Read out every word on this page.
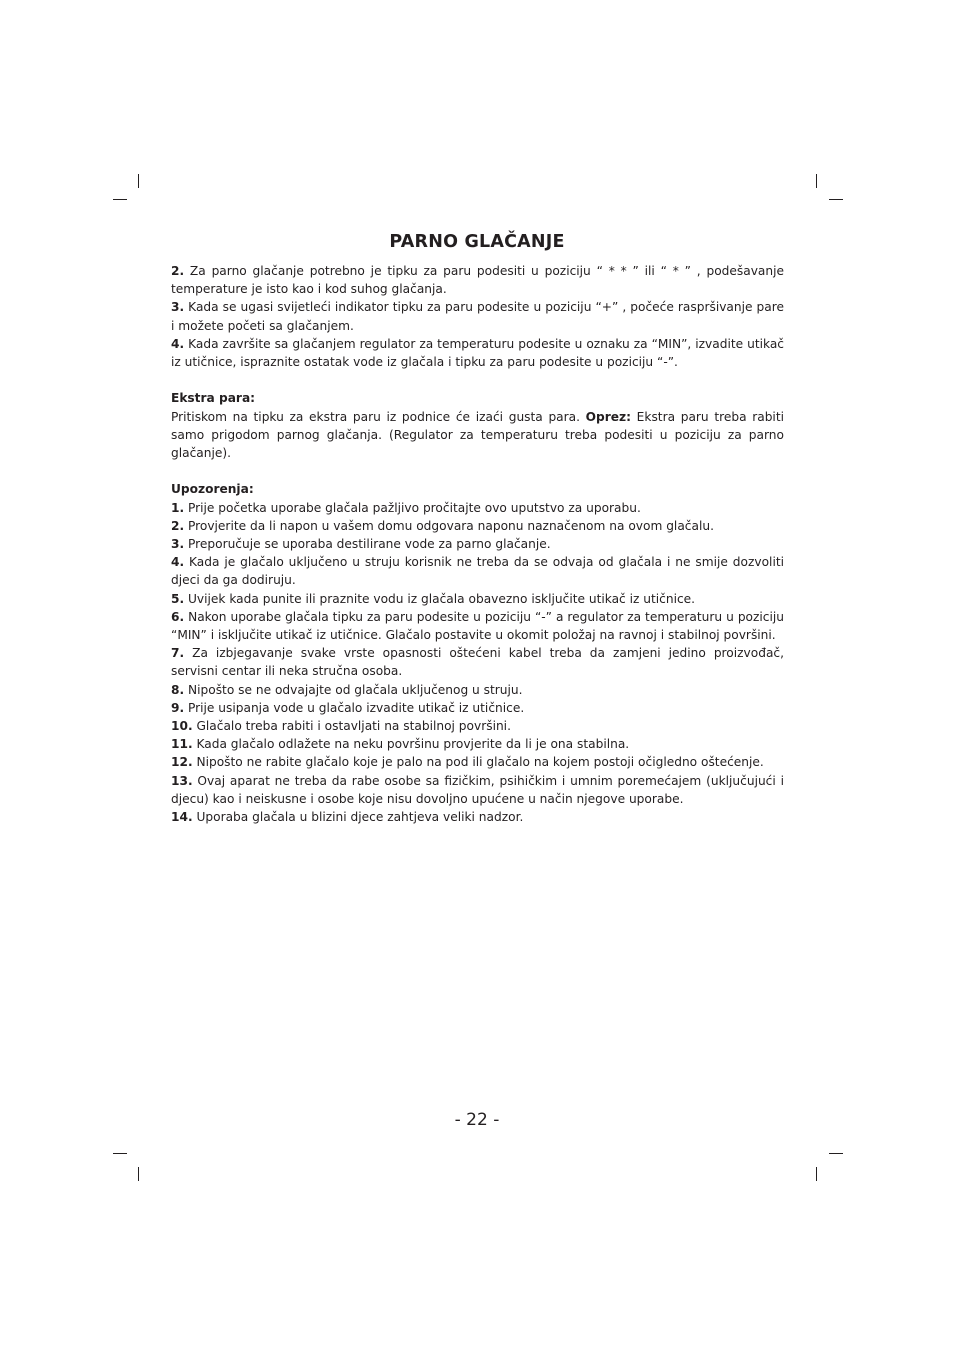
PARNO GLAČANJE

2. Za parno glačanje potrebno je tipku za paru podesiti u poziciju “ * * ” ili “ * ” , podešavanje temperature je isto kao i kod suhog glačanja.

3. Kada se ugasi svijetleći indikator tipku za paru podesite u poziciju “+” , počeće raspršivanje pare i možete početi sa glačanjem.

4. Kada završite sa glačanjem regulator za temperaturu podesite u oznaku za “MIN”, izvadite utikač iz utičnice, ispraznite ostatak vode iz glačala i tipku za paru podesite u poziciju “-”.

Ekstra para:

Pritiskom na tipku za ekstra paru iz podnice će izaći gusta para. Oprez: Ekstra paru treba rabiti samo prigodom parnog glačanja. (Regulator za temperaturu treba podesiti u poziciju za parno glačanje).

Upozorenja:

1. Prije početka uporabe glačala pažljivo pročitajte ovo uputstvo za uporabu.

2. Provjerite da li napon u vašem domu odgovara naponu naznačenom na ovom glačalu.

3. Preporučuje se uporaba destilirane vode za parno glačanje.

4. Kada je glačalo uključeno u struju korisnik ne treba da se odvaja od glačala i ne smije dozvoliti djeci da ga dodiruju.

5. Uvijek kada punite ili praznite vodu iz glačala obavezno isključite utikač iz utičnice.

6. Nakon uporabe glačala tipku za paru podesite u poziciju “-” a regulator za temperaturu u poziciju “MIN” i isključite utikač iz utičnice. Glačalo postavite u okomit položaj na ravnoj i stabilnoj površini.

7. Za izbjegavanje svake vrste opasnosti oštećeni kabel treba da zamjeni jedino proizvođač, servisni centar ili neka stručna osoba.

8. Nipošto se ne odvajajte od glačala uključenog u struju.

9. Prije usipanja vode u glačalo izvadite utikač iz utičnice.

10. Glačalo treba rabiti i ostavljati na stabilnoj površini.

11. Kada glačalo odlažete na neku površinu provjerite da li je ona stabilna.

12. Nipošto ne rabite glačalo koje je palo na pod ili glačalo na kojem postoji očigledno oštećenje.

13. Ovaj aparat ne treba da rabe osobe sa fizičkim, psihičkim i umnim poremećajem (uključujući i djecu) kao i neiskusne i osobe koje nisu dovoljno upućene u način njegove uporabe.

14. Uporaba glačala u blizini djece zahtjeva veliki nadzor.

- 22 -
